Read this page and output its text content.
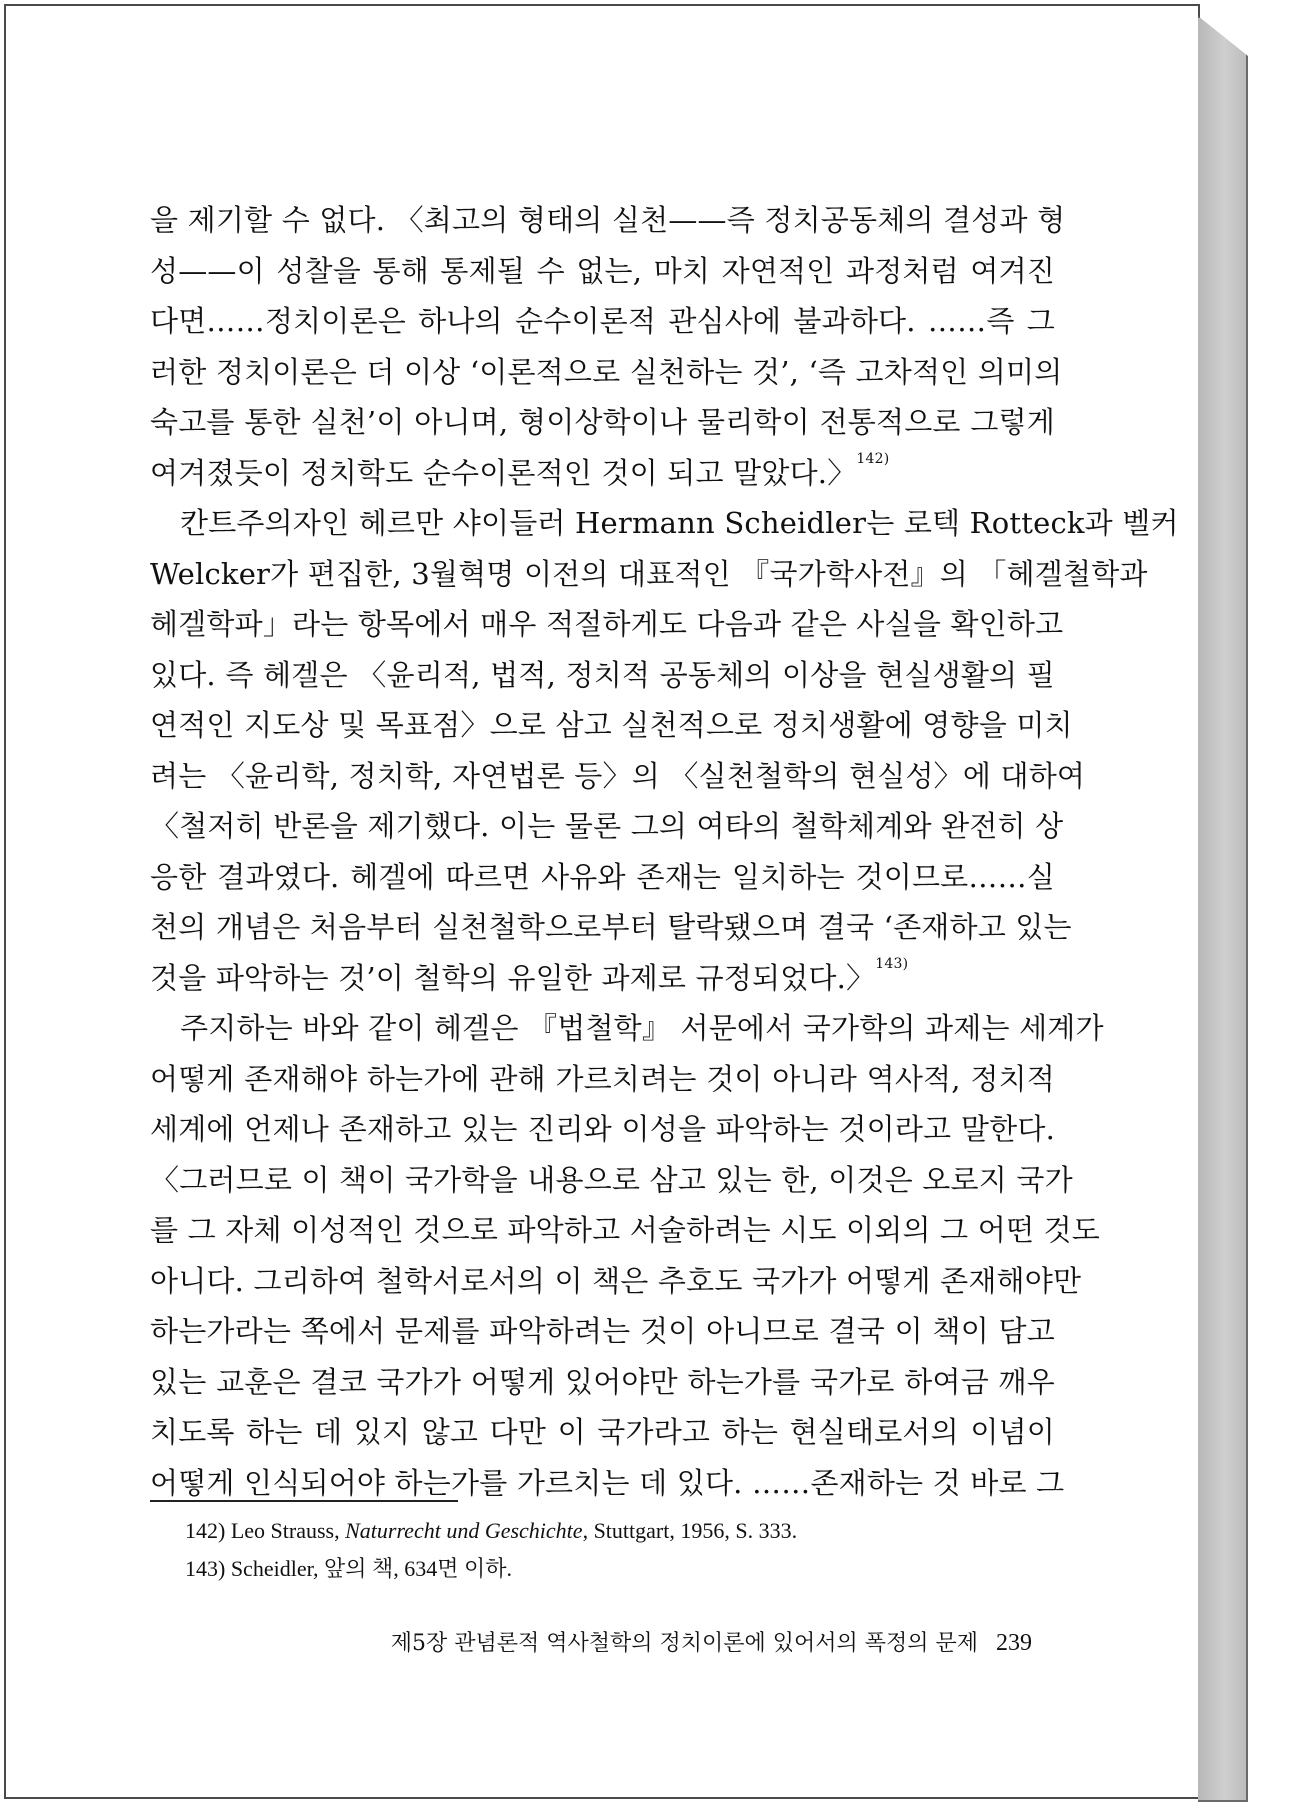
을 제기할 수 없다. 〈최고의 형태의 실천——즉 정치공동체의 결성과 형
성——이 성찰을 통해 통제될 수 없는, 마치 자연적인 과정처럼 여겨진
다면……정치이론은 하나의 순수이론적 관심사에 불과하다. ……즉 그
러한 정치이론은 더 이상 ‘이론적으로 실천하는 것’, ‘즉 고차적인 의미의
숙고를 통한 실천’이 아니며, 형이상학이나 물리학이 전통적으로 그렇게
여겨졌듯이 정치학도 순수이론적인 것이 되고 말았다.〉$^{142)}$
칸트주의자인 헤르만 샤이들러 Hermann Scheidler는 로텍 Rotteck과 벨커
Welcker가 편집한, 3월혁명 이전의 대표적인 『국가학사전』의 「헤겔철학과
헤겔학파」라는 항목에서 매우 적절하게도 다음과 같은 사실을 확인하고
있다. 즉 헤겔은 〈윤리적, 법적, 정치적 공동체의 이상을 현실생활의 필
연적인 지도상 및 목표점〉으로 삼고 실천적으로 정치생활에 영향을 미치
려는 〈윤리학, 정치학, 자연법론 등〉의 〈실천철학의 현실성〉에 대하여
〈철저히 반론을 제기했다. 이는 물론 그의 여타의 철학체계와 완전히 상
응한 결과였다. 헤겔에 따르면 사유와 존재는 일치하는 것이므로……실
천의 개념은 처음부터 실천철학으로부터 탈락됐으며 결국 ‘존재하고 있는
것을 파악하는 것’이 철학의 유일한 과제로 규정되었다.〉$^{143)}$
주지하는 바와 같이 헤겔은 『법철학』 서문에서 국가학의 과제는 세계가
어떻게 존재해야 하는가에 관해 가르치려는 것이 아니라 역사적, 정치적
세계에 언제나 존재하고 있는 진리와 이성을 파악하는 것이라고 말한다.
〈그러므로 이 책이 국가학을 내용으로 삼고 있는 한, 이것은 오로지 국가
를 그 자체 이성적인 것으로 파악하고 서술하려는 시도 이외의 그 어떤 것도
아니다. 그리하여 철학서로서의 이 책은 추호도 국가가 어떻게 존재해야만
하는가라는 쪽에서 문제를 파악하려는 것이 아니므로 결국 이 책이 담고
있는 교훈은 결코 국가가 어떻게 있어야만 하는가를 국가로 하여금 깨우
치도록 하는 데 있지 않고 다만 이 국가라고 하는 현실태로서의 이념이
어떻게 인식되어야 하는가를 가르치는 데 있다. ……존재하는 것 바로 그
142) Leo Strauss, Naturrecht und Geschichte, Stuttgart, 1956, S. 333.
143) Scheidler, 앞의 책, 634면 이하.
제5장 관념론적 역사철학의 정치이론에 있어서의 폭정의 문제 239
